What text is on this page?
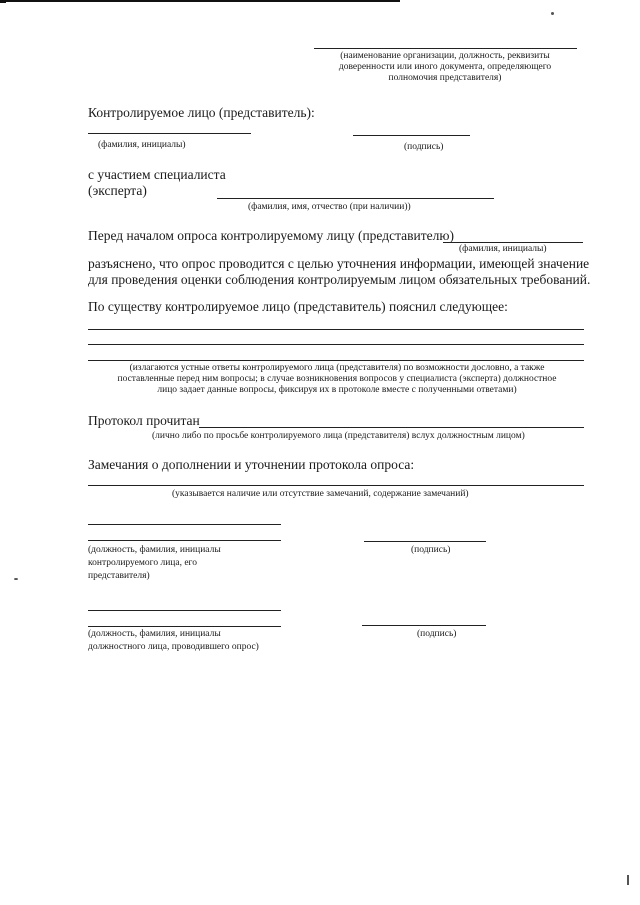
(наименование организации, должность, реквизиты
доверенности или иного документа, определяющего
полномочия представителя)
Контролируемое лицо (представитель):
(фамилия, инициалы)	(подпись)
с участием специалиста
(эксперта)
(фамилия, имя, отчество (при наличии))
Перед началом опроса контролируемому лицу (представителю)
(фамилия, инициалы)
разъяснено, что опрос проводится с целью уточнения информации, имеющей значение
для проведения оценки соблюдения контролируемым лицом обязательных требований.
По существу контролируемое лицо (представитель) пояснил следующее:
(излагаются устные ответы контролируемого лица (представителя) по возможности дословно, а также
поставленные перед ним вопросы; в случае возникновения вопросов у специалиста (эксперта) должностное
лицо задает данные вопросы, фиксируя их в протоколе вместе с полученными ответами)
Протокол прочитан
(лично либо по просьбе контролируемого лица (представителя) вслух должностным лицом)
Замечания о дополнении и уточнении протокола опроса:
(указывается наличие или отсутствие замечаний, содержание замечаний)
(должность, фамилия, инициалы
контролируемого лица, его
представителя)
(подпись)
(должность, фамилия, инициалы
должностного лица, проводившего опрос)
(подпись)
